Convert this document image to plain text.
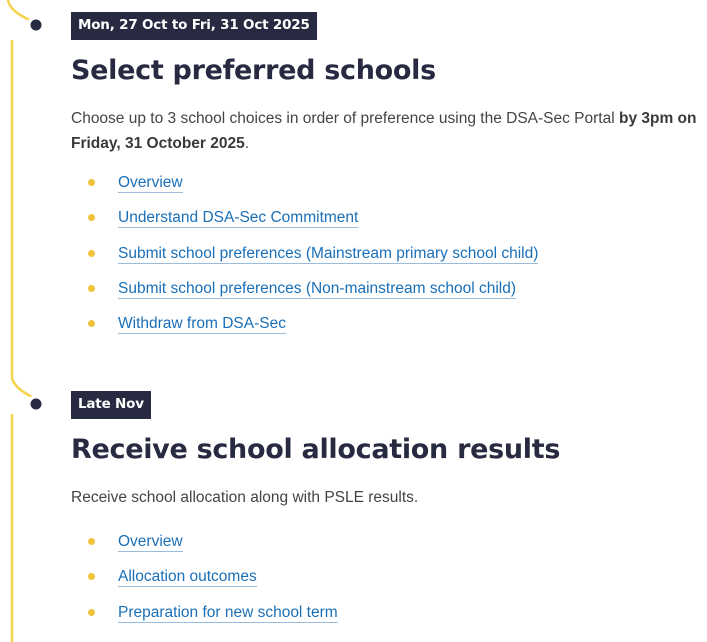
Mon, 27 Oct to Fri, 31 Oct 2025
Select preferred schools

Choose up to 3 school choices in order of preference using the DSA-Sec Portal by 3pm on Friday, 31 October 2025.

Overview
Understand DSA-Sec Commitment
Submit school preferences (Mainstream primary school child)
Submit school preferences (Non-mainstream school child)
Withdraw from DSA-Sec
Late Nov
Receive school allocation results

Receive school allocation along with PSLE results.

Overview
Allocation outcomes
Preparation for new school term
